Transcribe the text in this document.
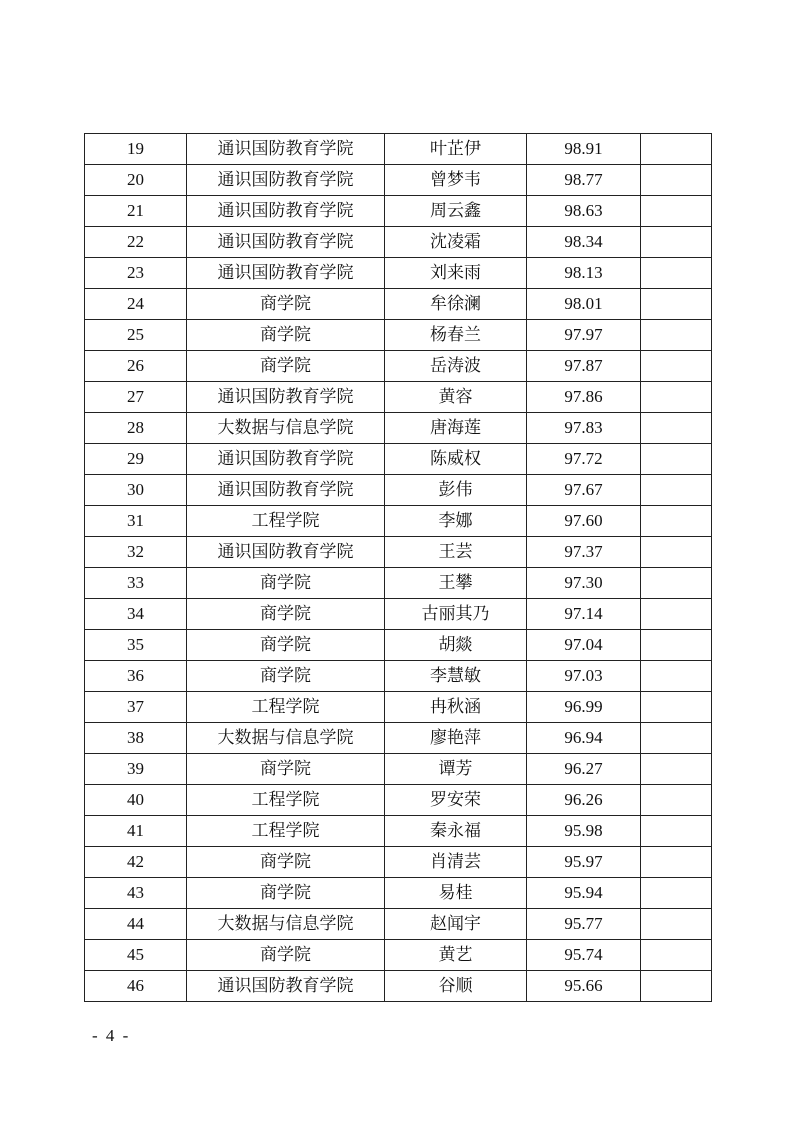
19	通识国防教育学院	叶芷伊	98.91	
20	通识国防教育学院	曾梦韦	98.77	
21	通识国防教育学院	周云鑫	98.63	
22	通识国防教育学院	沈凌霜	98.34	
23	通识国防教育学院	刘来雨	98.13	
24	商学院	牟徐澜	98.01	
25	商学院	杨春兰	97.97	
26	商学院	岳涛波	97.87	
27	通识国防教育学院	黄容	97.86	
28	大数据与信息学院	唐海莲	97.83	
29	通识国防教育学院	陈威权	97.72	
30	通识国防教育学院	彭伟	97.67	
31	工程学院	李娜	97.60	
32	通识国防教育学院	王芸	97.37	
33	商学院	王攀	97.30	
34	商学院	古丽其乃	97.14	
35	商学院	胡燚	97.04	
36	商学院	李慧敏	97.03	
37	工程学院	冉秋涵	96.99	
38	大数据与信息学院	廖艳萍	96.94	
39	商学院	谭芳	96.27	
40	工程学院	罗安荣	96.26	
41	工程学院	秦永福	95.98	
42	商学院	肖清芸	95.97	
43	商学院	易桂	95.94	
44	大数据与信息学院	赵闻宇	95.77	
45	商学院	黄艺	95.74	
46	通识国防教育学院	谷顺	95.66	
- 4 -
